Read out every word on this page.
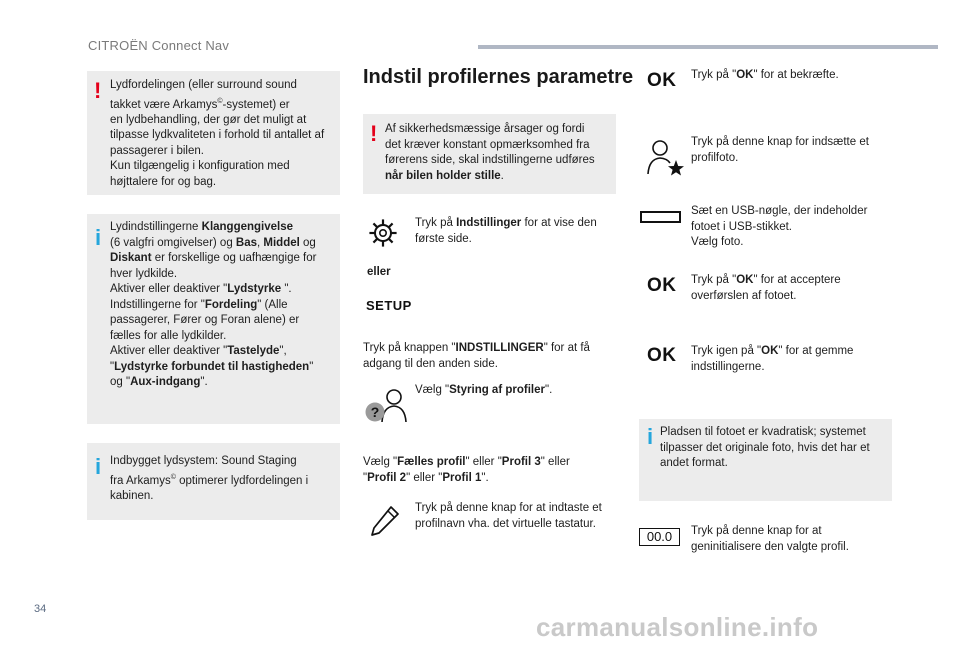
CITROËN Connect Nav
! Lydfordelingen (eller surround sound
takket være Arkamys©-systemet) er
en lydbehandling, der gør det muligt at
tilpasse lydkvaliteten i forhold til antallet af
passagerer i bilen.
Kun tilgængelig i konfiguration med
højttalere for og bag.
i Lydindstillingerne Klanggengivelse
(6 valgfri omgivelser) og Bas, Middel og
Diskant er forskellige og uafhængige for
hver lydkilde.
Aktiver eller deaktiver "Lydstyrke ".
Indstillingerne for "Fordeling" (Alle
passagerer, Fører og Foran alene) er
fælles for alle lydkilder.
Aktiver eller deaktiver "Tastelyde",
"Lydstyrke forbundet til hastigheden"
og "Aux-indgang".
i Indbygget lydsystem: Sound Staging
fra Arkamys© optimerer lydfordelingen i
kabinen.
Indstil profilernes parametre
! Af sikkerhedsmæssige årsager og fordi
det kræver konstant opmærksomhed fra
førerens side, skal indstillingerne udføres
når bilen holder stille.
Tryk på Indstillinger for at vise den
første side.
eller
SETUP
Tryk på knappen "INDSTILLINGER" for at få
adgang til den anden side.
?
Vælg "Styring af profiler".
Vælg "Fælles profil" eller "Profil 3" eller
"Profil 2" eller "Profil 1".
Tryk på denne knap for at indtaste et
profilnavn vha. det virtuelle tastatur.
OK Tryk på "OK" for at bekræfte.
Tryk på denne knap for indsætte et
profilfoto.
Sæt en USB-nøgle, der indeholder
fotoet i USB-stikket.
Vælg foto.
OK Tryk på "OK" for at acceptere
overførslen af fotoet.
OK Tryk igen på "OK" for at gemme
indstillingerne.
i Pladsen til fotoet er kvadratisk; systemet
tilpasser det originale foto, hvis det har et
andet format.
00.0	Tryk på denne knap for at
geninitialisere den valgte profil.
34
carmanualsonline.info
